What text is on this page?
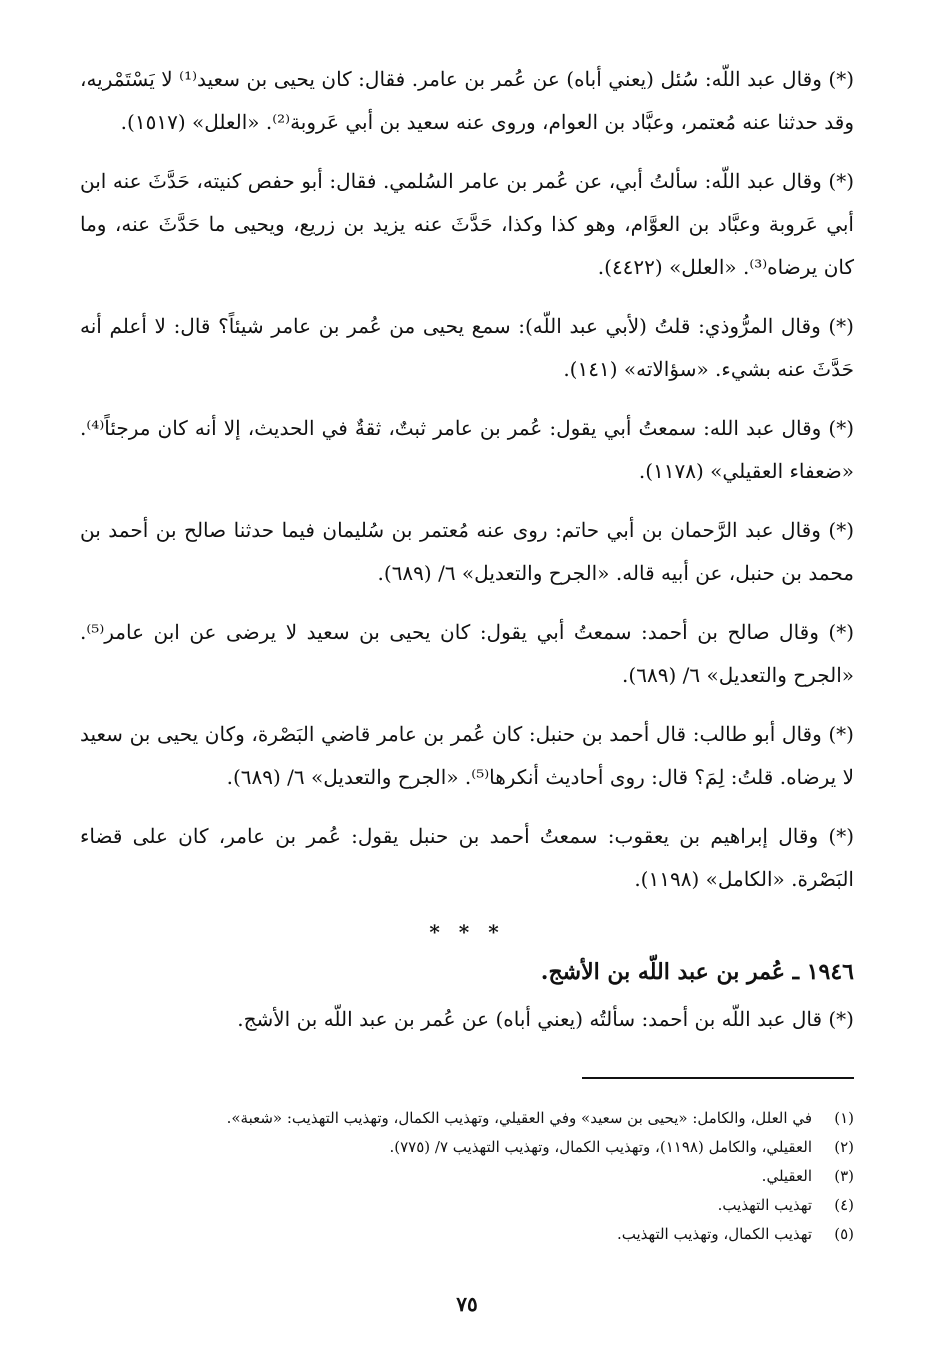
(*) وقال عبد اللّه: سُئل (يعني أباه) عن عُمر بن عامر. فقال: كان يحيى بن سعيد⁽¹⁾ لا يَسْتَمْريه، وقد حدثنا عنه مُعتمر، وعبَّاد بن العوام، وروى عنه سعيد بن أبي عَروبة⁽²⁾. «العلل» (١٥١٧).

(*) وقال عبد اللّه: سألتُ أبي، عن عُمر بن عامر السُلمي. فقال: أبو حفص كنيته، حَدَّثَ عنه ابن أبي عَروبة وعبَّاد بن العوَّام، وهو كذا وكذا، حَدَّثَ عنه يزيد بن زريع، ويحيى ما حَدَّثَ عنه، وما كان يرضاه⁽³⁾. «العلل» (٤٤٢٢).

(*) وقال المرُّوذي: قلتُ (لأبي عبد اللّه): سمع يحيى من عُمر بن عامر شيئاً؟ قال: لا أعلم أنه حَدَّثَ عنه بشيء. «سؤالاته» (١٤١).

(*) وقال عبد الله: سمعتُ أبي يقول: عُمر بن عامر ثبتٌ، ثقةٌ في الحديث، إلا أنه كان مرجئاً⁽⁴⁾. «ضعفاء العقيلي» (١١٧٨).

(*) وقال عبد الرَّحمان بن أبي حاتم: روى عنه مُعتمر بن سُليمان فيما حدثنا صالح بن أحمد بن محمد بن حنبل، عن أبيه قاله. «الجرح والتعديل» ٦/ (٦٨٩).

(*) وقال صالح بن أحمد: سمعتُ أبي يقول: كان يحيى بن سعيد لا يرضى عن ابن عامر⁽⁵⁾. «الجرح والتعديل» ٦/ (٦٨٩).

(*) وقال أبو طالب: قال أحمد بن حنبل: كان عُمر بن عامر قاضي البَصْرة، وكان يحيى بن سعيد لا يرضاه. قلتُ: لِمَ؟ قال: روى أحاديث أنكرها⁽⁵⁾. «الجرح والتعديل» ٦/ (٦٨٩).

(*) وقال إبراهيم بن يعقوب: سمعتُ أحمد بن حنبل يقول: عُمر بن عامر، كان على قضاء البَصْرة. «الكامل» (١١٩٨).

* * *
١٩٤٦ ـ عُمر بن عبد اللّه بن الأشج.

(*) قال عبد اللّه بن أحمد: سألتُه (يعني أباه) عن عُمر بن عبد اللّه بن الأشج.

(١)
في العلل، والكامل: «يحيى بن سعيد» وفي العقيلي، وتهذيب الكمال، وتهذيب التهذيب: «شعبة».
(٢)
العقيلي، والكامل (١١٩٨)، وتهذيب الكمال، وتهذيب التهذيب ٧/ (٧٧٥).
(٣)
العقيلي.
(٤)
تهذيب التهذيب.
(٥)
تهذيب الكمال، وتهذيب التهذيب.
٧٥
